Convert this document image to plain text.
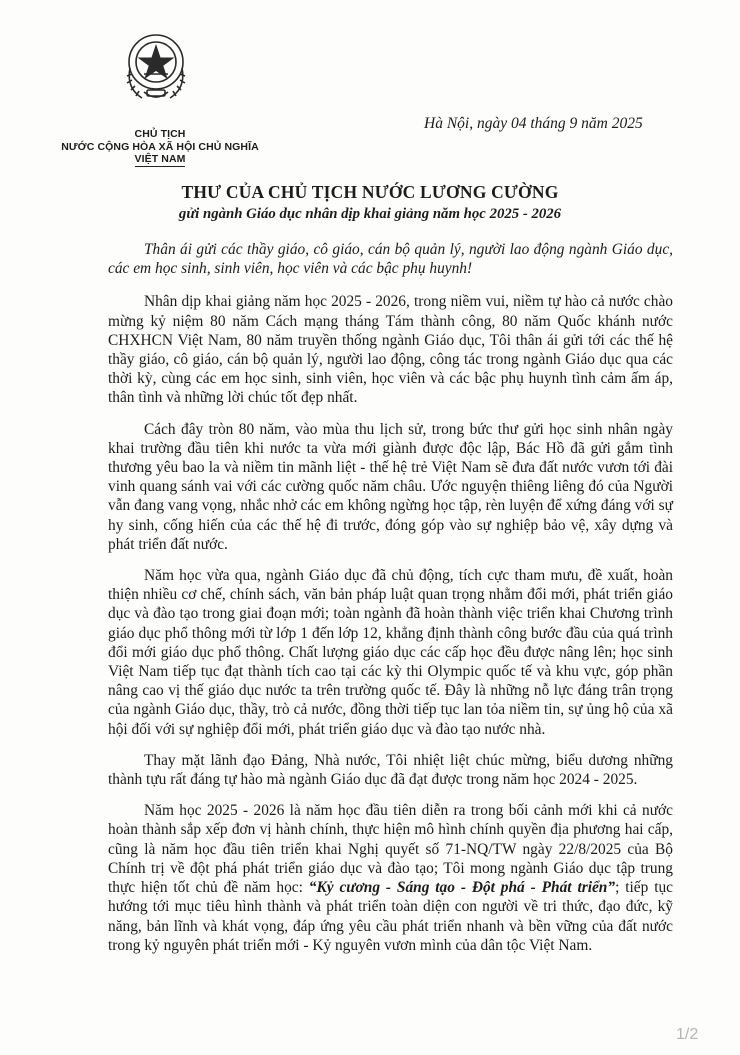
CHỦ TỊCH
NƯỚC CỘNG HÒA XÃ HỘI CHỦ NGHĨA
VIỆT NAM
Hà Nội, ngày 04 tháng 9 năm 2025
THƯ CỦA CHỦ TỊCH NƯỚC LƯƠNG CƯỜNG
gửi ngành Giáo dục nhân dịp khai giảng năm học 2025 - 2026

Thân ái gửi các thầy giáo, cô giáo, cán bộ quản lý, người lao động ngành Giáo dục, các em học sinh, sinh viên, học viên và các bậc phụ huynh!

Nhân dịp khai giảng năm học 2025 - 2026, trong niềm vui, niềm tự hào cả nước chào mừng kỷ niệm 80 năm Cách mạng tháng Tám thành công, 80 năm Quốc khánh nước CHXHCN Việt Nam, 80 năm truyền thống ngành Giáo dục, Tôi thân ái gửi tới các thế hệ thầy giáo, cô giáo, cán bộ quản lý, người lao động, công tác trong ngành Giáo dục qua các thời kỳ, cùng các em học sinh, sinh viên, học viên và các bậc phụ huynh tình cảm ấm áp, thân tình và những lời chúc tốt đẹp nhất.

Cách đây tròn 80 năm, vào mùa thu lịch sử, trong bức thư gửi học sinh nhân ngày khai trường đầu tiên khi nước ta vừa mới giành được độc lập, Bác Hồ đã gửi gắm tình thương yêu bao la và niềm tin mãnh liệt - thế hệ trẻ Việt Nam sẽ đưa đất nước vươn tới đài vinh quang sánh vai với các cường quốc năm châu. Ước nguyện thiêng liêng đó của Người vẫn đang vang vọng, nhắc nhở các em không ngừng học tập, rèn luyện để xứng đáng với sự hy sinh, cống hiến của các thế hệ đi trước, đóng góp vào sự nghiệp bảo vệ, xây dựng và phát triển đất nước.

Năm học vừa qua, ngành Giáo dục đã chủ động, tích cực tham mưu, đề xuất, hoàn thiện nhiều cơ chế, chính sách, văn bản pháp luật quan trọng nhằm đổi mới, phát triển giáo dục và đào tạo trong giai đoạn mới; toàn ngành đã hoàn thành việc triển khai Chương trình giáo dục phổ thông mới từ lớp 1 đến lớp 12, khẳng định thành công bước đầu của quá trình đổi mới giáo dục phổ thông. Chất lượng giáo dục các cấp học đều được nâng lên; học sinh Việt Nam tiếp tục đạt thành tích cao tại các kỳ thi Olympic quốc tế và khu vực, góp phần nâng cao vị thế giáo dục nước ta trên trường quốc tế. Đây là những nỗ lực đáng trân trọng của ngành Giáo dục, thầy, trò cả nước, đồng thời tiếp tục lan tỏa niềm tin, sự ủng hộ của xã hội đối với sự nghiệp đổi mới, phát triển giáo dục và đào tạo nước nhà.

Thay mặt lãnh đạo Đảng, Nhà nước, Tôi nhiệt liệt chúc mừng, biểu dương những thành tựu rất đáng tự hào mà ngành Giáo dục đã đạt được trong năm học 2024 - 2025.

Năm học 2025 - 2026 là năm học đầu tiên diễn ra trong bối cảnh mới khi cả nước hoàn thành sắp xếp đơn vị hành chính, thực hiện mô hình chính quyền địa phương hai cấp, cũng là năm học đầu tiên triển khai Nghị quyết số 71-NQ/TW ngày 22/8/2025 của Bộ Chính trị về đột phá phát triển giáo dục và đào tạo; Tôi mong ngành Giáo dục tập trung thực hiện tốt chủ đề năm học: “Kỷ cương - Sáng tạo - Đột phá - Phát triển”; tiếp tục hướng tới mục tiêu hình thành và phát triển toàn diện con người về tri thức, đạo đức, kỹ năng, bản lĩnh và khát vọng, đáp ứng yêu cầu phát triển nhanh và bền vững của đất nước trong kỷ nguyên phát triển mới - Kỷ nguyên vươn mình của dân tộc Việt Nam.

1/2
